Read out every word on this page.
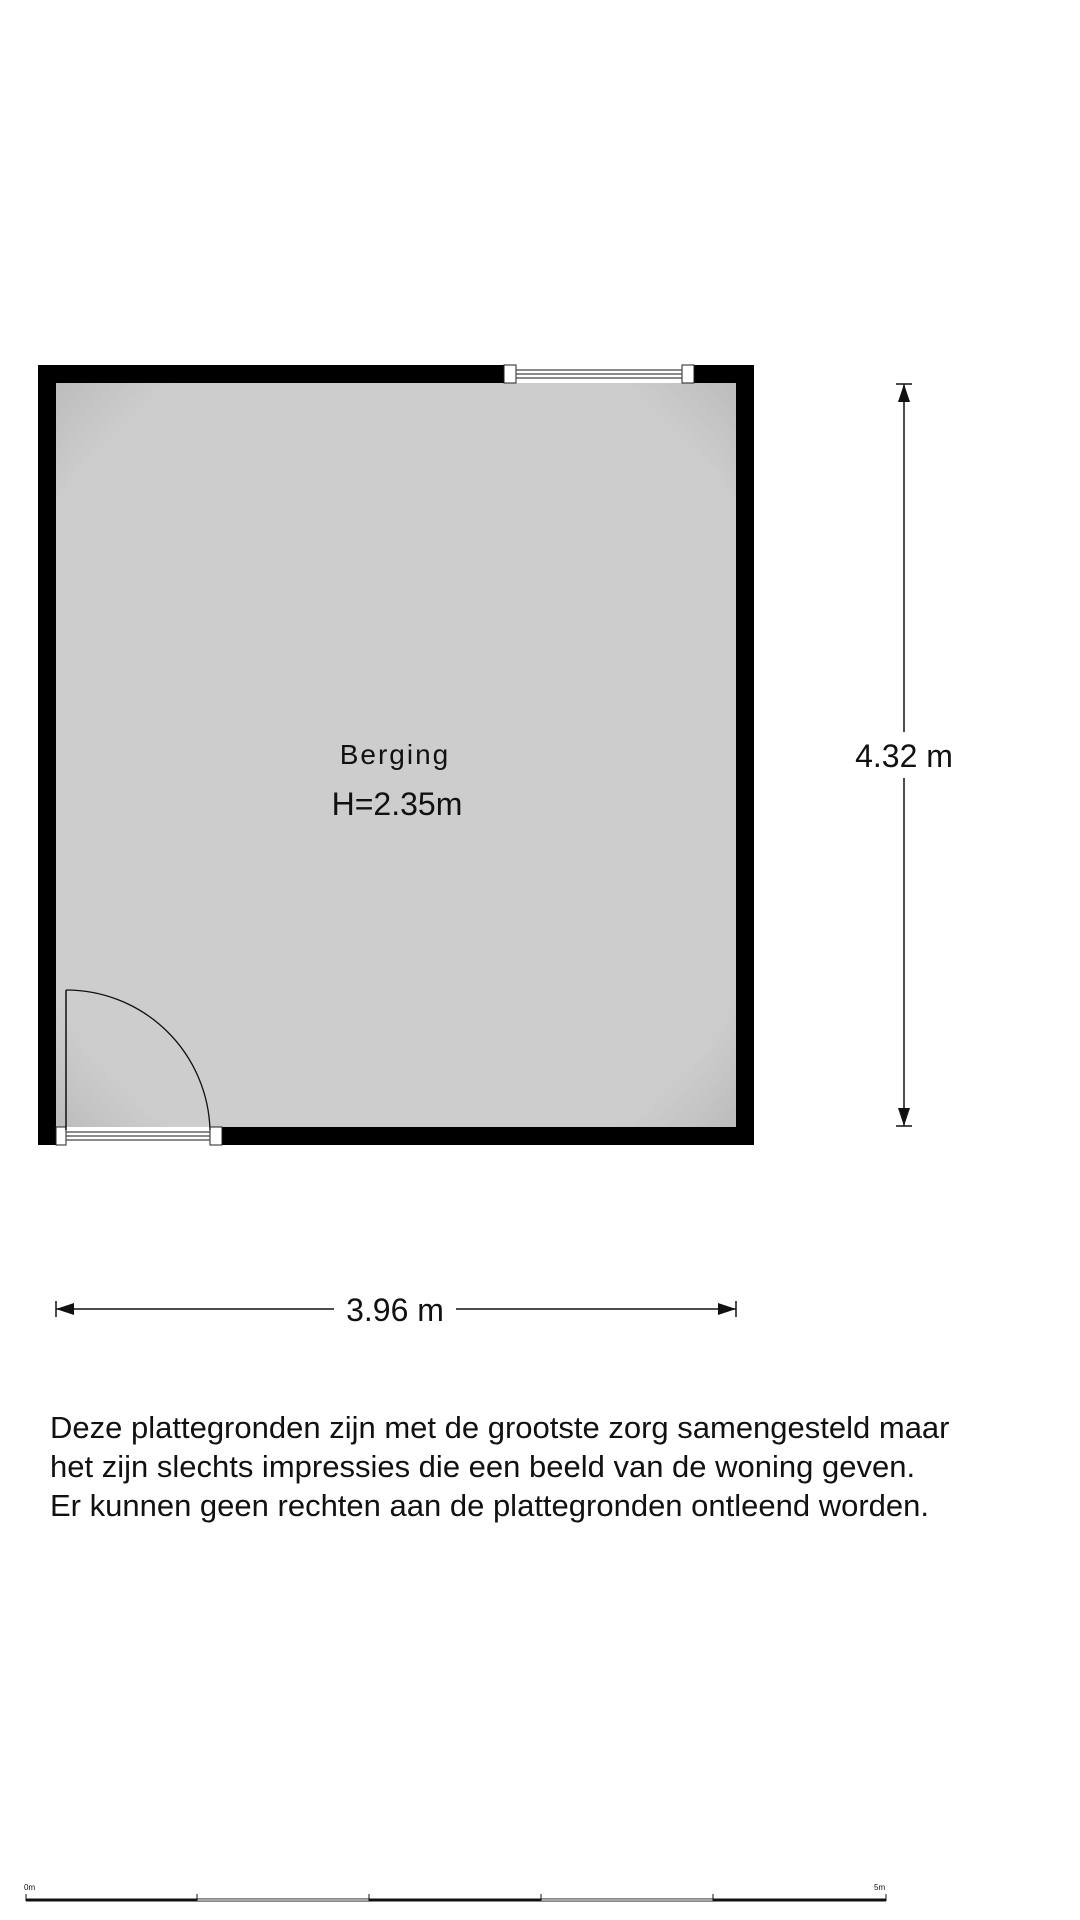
Berging
H=2.35m
4.32 m
3.96 m
0m	5m
Deze plattegronden zijn met de grootste zorg samengesteld maar
het zijn slechts impressies die een beeld van de woning geven.
Er kunnen geen rechten aan de plattegronden ontleend worden.
